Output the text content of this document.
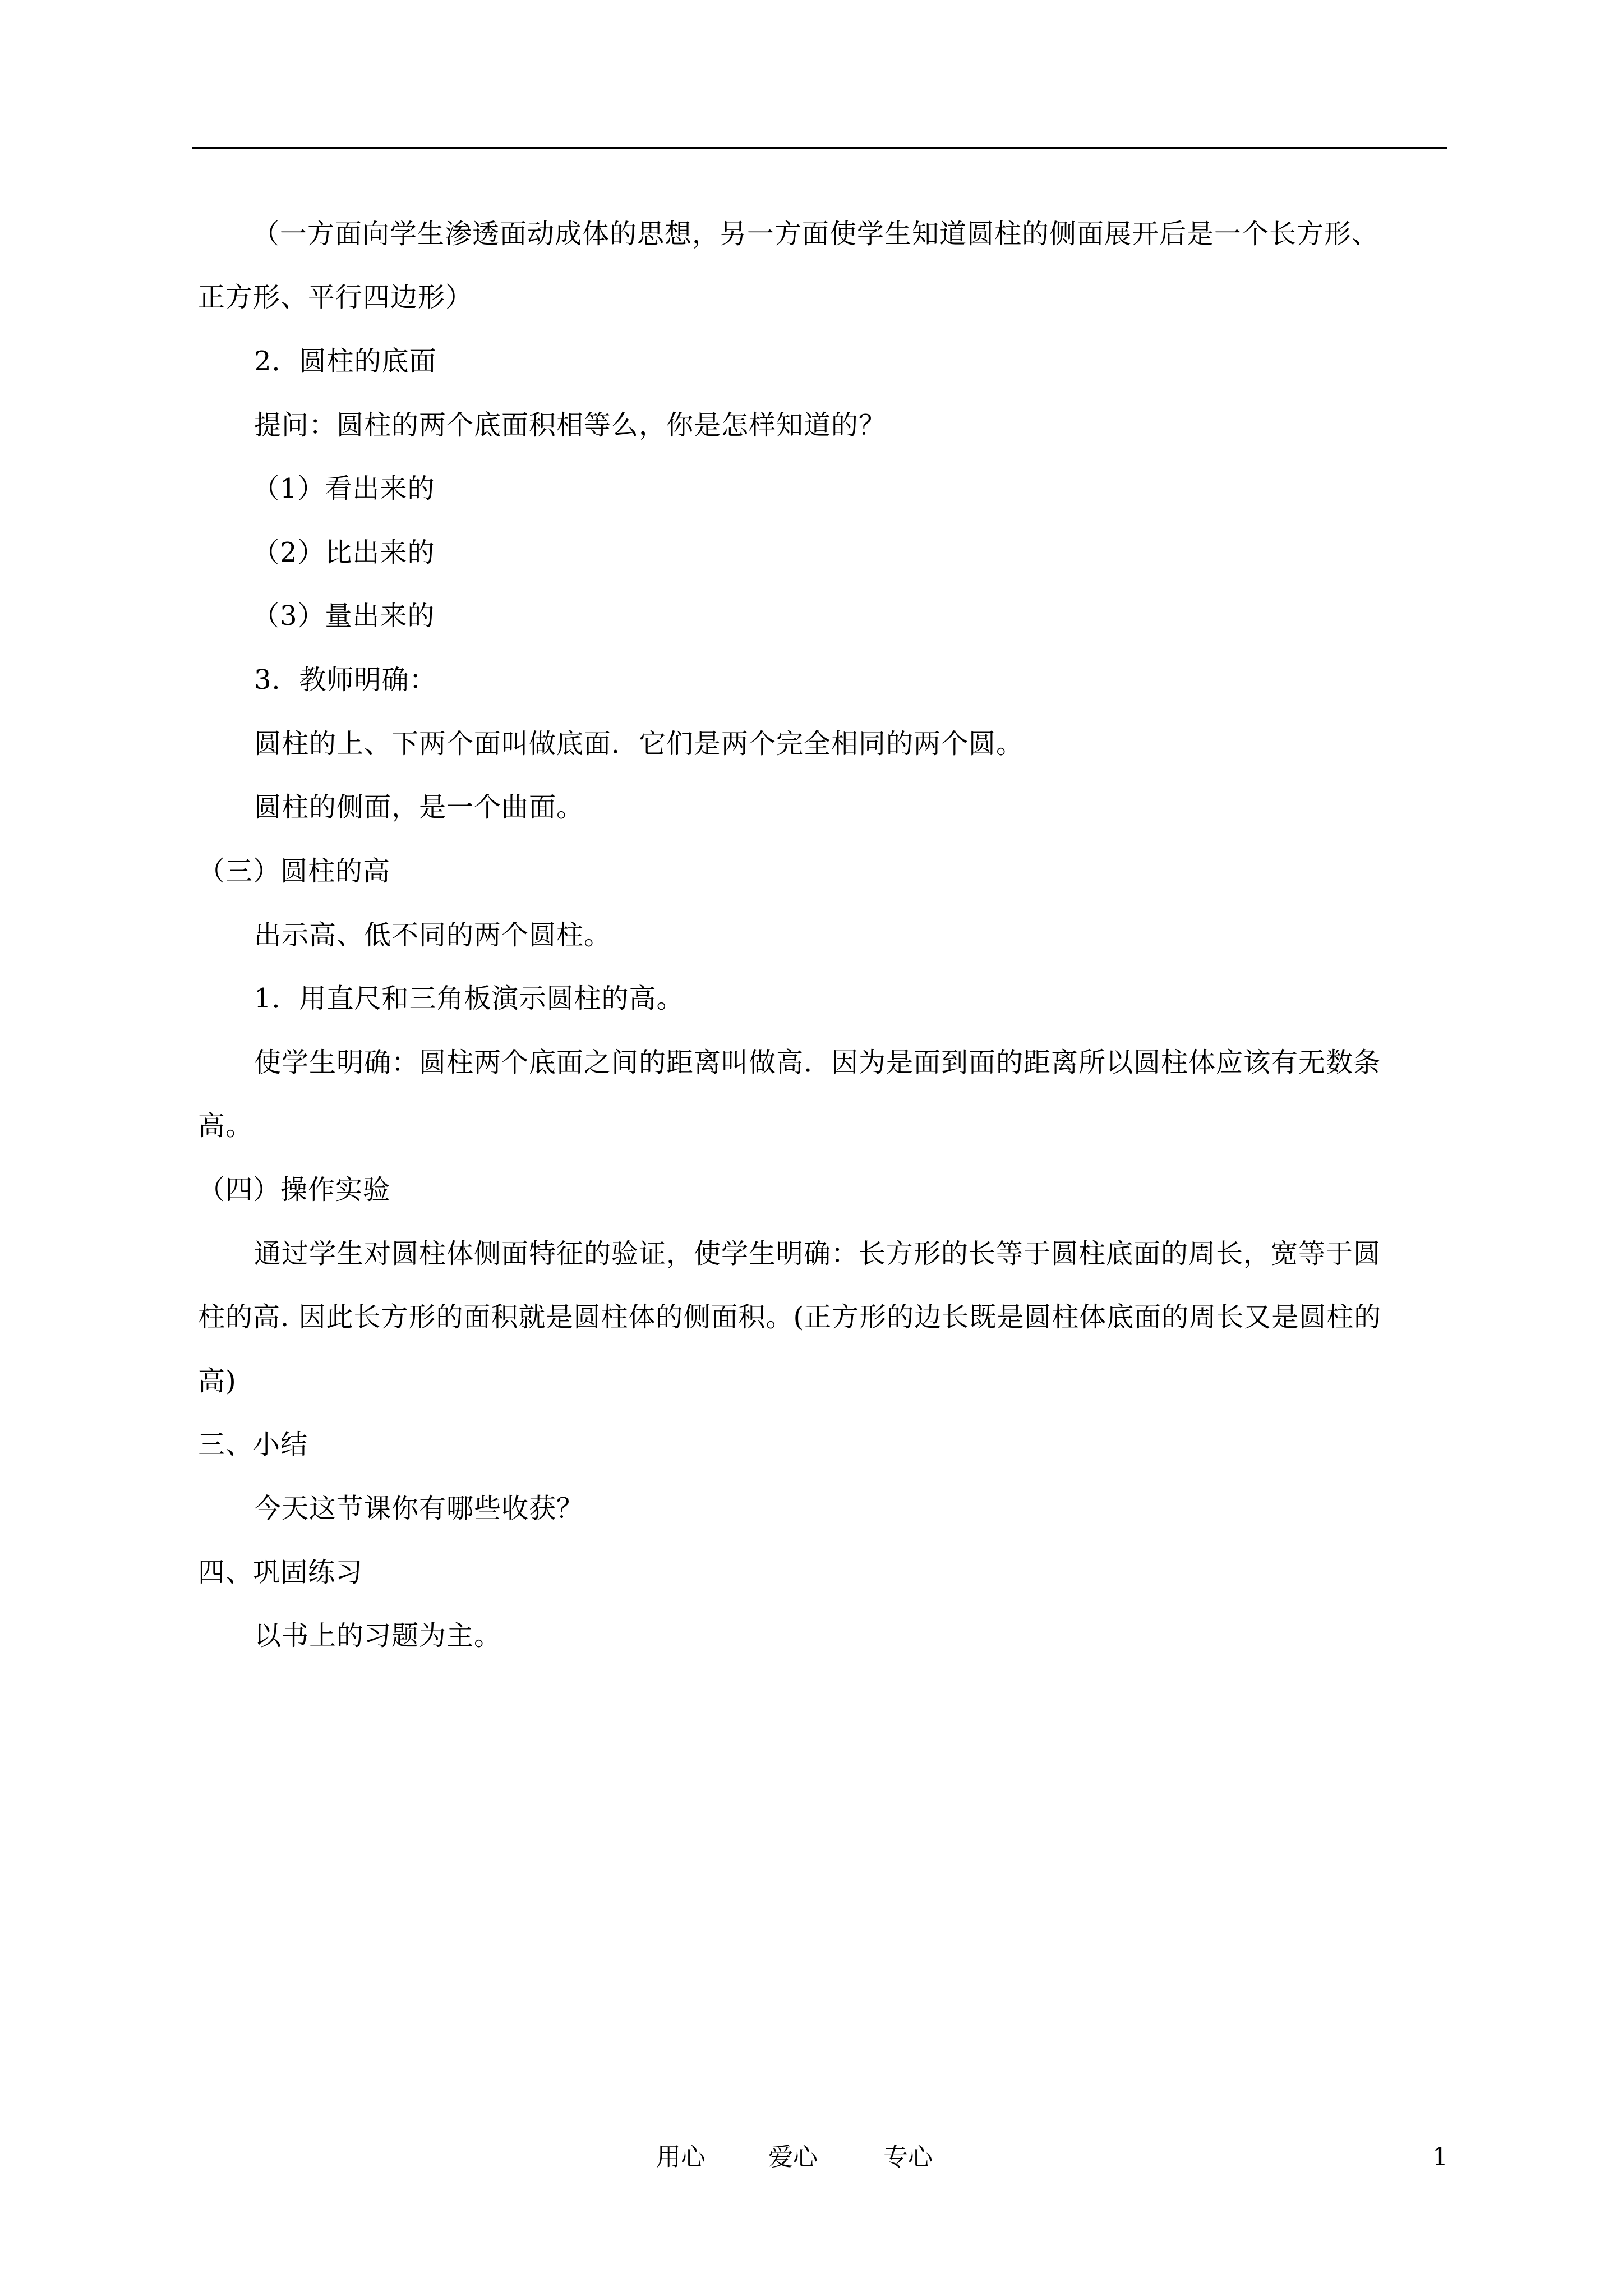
（一方面向学生渗透面动成体的思想，另一方面使学生知道圆柱的侧面展开后是一个长方形、
正方形、平行四边形）
2．圆柱的底面
提问：圆柱的两个底面积相等么，你是怎样知道的？
（1）看出来的
（2）比出来的
（3）量出来的
3．教师明确：
圆柱的上、下两个面叫做底面．它们是两个完全相同的两个圆。
圆柱的侧面，是一个曲面。
（三）圆柱的高
出示高、低不同的两个圆柱。
1．用直尺和三角板演示圆柱的高。
使学生明确：圆柱两个底面之间的距离叫做高．因为是面到面的距离所以圆柱体应该有无数条
高。
（四）操作实验
通过学生对圆柱体侧面特征的验证，使学生明确：长方形的长等于圆柱底面的周长，宽等于圆
柱的高. 因此长方形的面积就是圆柱体的侧面积。(正方形的边长既是圆柱体底面的周长又是圆柱的
高)
三、小结
今天这节课你有哪些收获？
四、巩固练习
以书上的习题为主。
用心	爱心	专心	1
